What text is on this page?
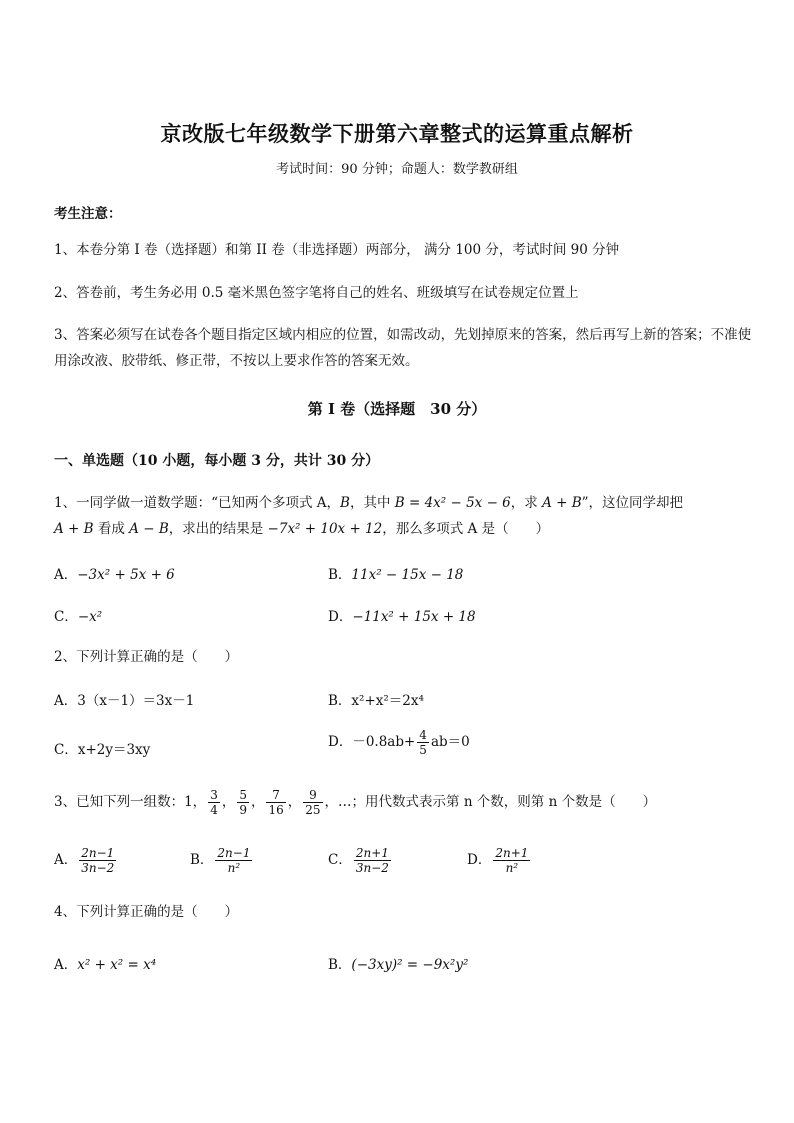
京改版七年级数学下册第六章整式的运算重点解析
考试时间：90 分钟；命题人：数学教研组
考生注意：
1、本卷分第 I 卷（选择题）和第 II 卷（非选择题）两部分， 满分 100 分，考试时间 90 分钟
2、答卷前，考生务必用 0.5 毫米黑色签字笔将自己的姓名、班级填写在试卷规定位置上
3、答案必须写在试卷各个题目指定区域内相应的位置，如需改动，先划掉原来的答案，然后再写上新的答案；不准使用涂改液、胶带纸、修正带，不按以上要求作答的答案无效。
第 I 卷（选择题　30 分）
一、单选题（10 小题，每小题 3 分，共计 30 分）
1、一同学做一道数学题：“已知两个多项式 A，B，其中 B = 4x² − 5x − 6，求 A + B”，这位同学却把
A + B 看成 A − B，求出的结果是 −7x² + 10x + 12，那么多项式 A 是（　　）
A．−3x² + 5x + 6	B．11x² − 15x − 18
C．−x²	D．−11x² + 15x + 18
2、下列计算正确的是（　　）
A．3（x－1）＝3x－1	B．x²+x²＝2x⁴
C．x+2y＝3xy	D．$-0.8ab+ \frac{4}{5} ab=0$
3、已知下列一组数：1， $\frac{3}{4}$ ， $\frac{5}{9}$ ， $\frac{7}{16}$ ， $\frac{9}{25}$ ，…；用代数式表示第 n 个数，则第 n 个数是（　　）
A． $\frac{2n-1}{3n-2}$	B． $\frac{2n-1}{\text{n²}}$	C． $\frac{2n+1}{3n-2}$	D． $\frac{2n+1}{\text{n²}}$
4、下列计算正确的是（　　）
A．x² + x² = x⁴	B．(−3xy)² = −9x²y²
